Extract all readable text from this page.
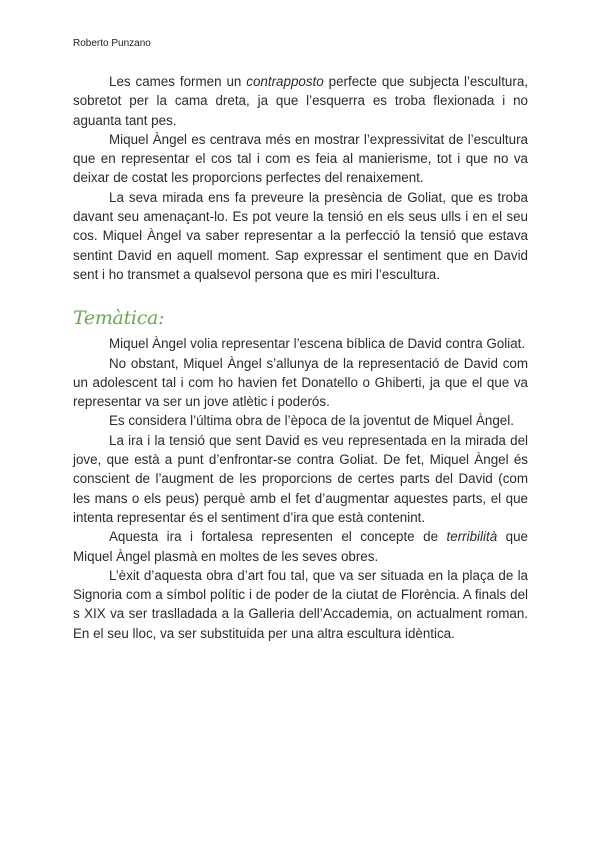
Roberto Punzano

Les cames formen un contrapposto perfecte que subjecta l’escultura, sobretot per la cama dreta, ja que l’esquerra es troba flexionada i no aguanta tant pes.

Miquel Àngel es centrava més en mostrar l’expressivitat de l’escultura que en representar el cos tal i com es feia al manierisme, tot i que no va deixar de costat les proporcions perfectes del renaixement.

La seva mirada ens fa preveure la presència de Goliat, que es troba davant seu amenaçant-lo. Es pot veure la tensió en els seus ulls i en el seu cos. Miquel Àngel va saber representar a la perfecció la tensió que estava sentint David en aquell moment. Sap expressar el sentiment que en David sent i ho transmet a qualsevol persona que es miri l’escultura.

Temàtica:

Miquel Àngel volia representar l’escena bíblica de David contra Goliat.

No obstant, Miquel Àngel s’allunya de la representació de David com un adolescent tal i com ho havien fet Donatello o Ghiberti, ja que el que va representar va ser un jove atlètic i poderós.

Es considera l’última obra de l’època de la joventut de Miquel Àngel.

La ira i la tensió que sent David es veu representada en la mirada del jove, que està a punt d’enfrontar-se contra Goliat. De fet, Miquel Àngel és conscient de l’augment de les proporcions de certes parts del David (com les mans o els peus) perquè amb el fet d’augmentar aquestes parts, el que intenta representar és el sentiment d’ira que està contenint.

Aquesta ira i fortalesa representen el concepte de terribilità que Miquel Àngel plasmà en moltes de les seves obres.

L’èxit d’aquesta obra d’art fou tal, que va ser situada en la plaça de la Signoria com a símbol polític i de poder de la ciutat de Florència. A finals del s XIX va ser traslladada a la Galleria dell’Accademia, on actualment roman. En el seu lloc, va ser substituida per una altra escultura idèntica.
